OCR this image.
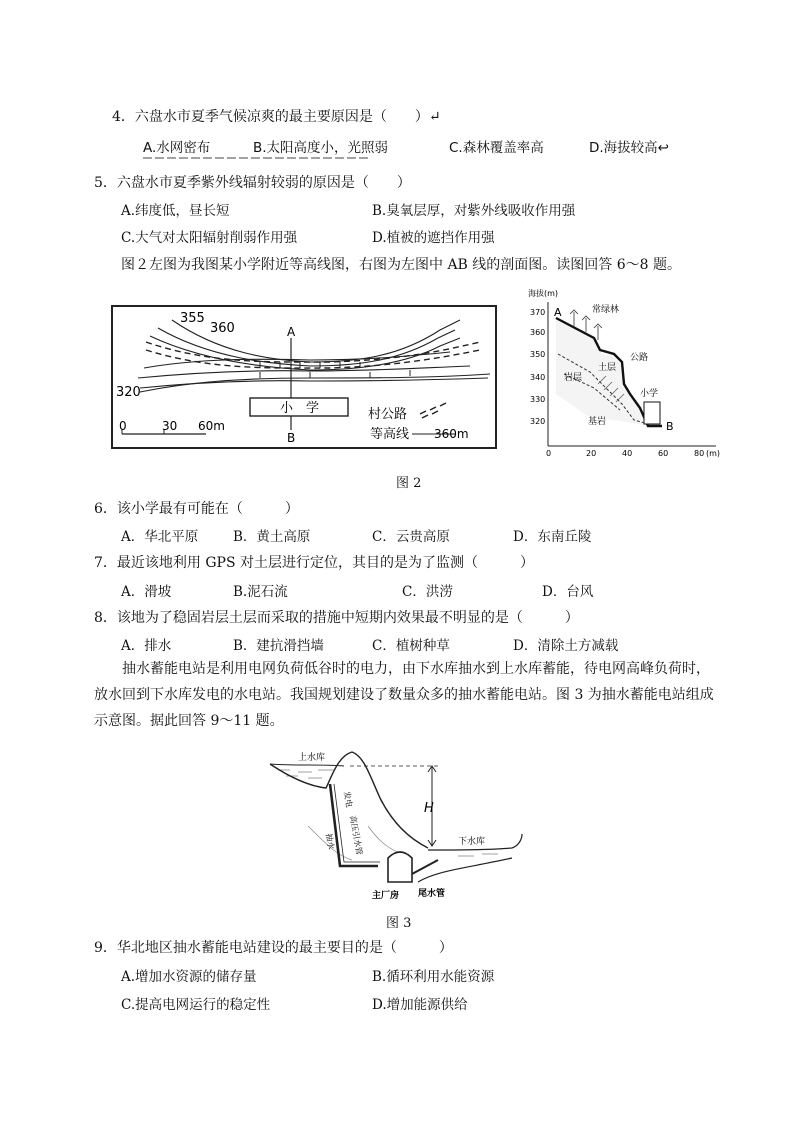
4．六盘水市夏季气候凉爽的最主要原因是（　　）↵
A.水网密布	B.太阳高度小，光照弱	C.森林覆盖率高	D.海拔较高↩
5．六盘水市夏季紫外线辐射较弱的原因是（　　）
A.纬度低，昼长短	B.臭氧层厚，对紫外线吸收作用强
C.大气对太阳辐射削弱作用强	D.植被的遮挡作用强
图２左图为我图某小学附近等高线图，右图为左图中 AB 线的剖面图。读图回答 6～8 题。
355
360
320
A
B
小　学
0	30 60m
村公路
等高线 360m
海拔(m)
370
360
350
340
330
320
0	20	40	60	80 (m)
常绿林
公路
土层
岩层
基岩
小学
A
B
图 2
6．该小学最有可能在（　　　）
A．华北平原	B．黄土高原	C．云贵高原	D．东南丘陵
7．最近该地利用 GPS 对土层进行定位，其目的是为了监测（　　　）
A．滑坡	B.泥石流	C．洪涝	D．台风
8．该地为了稳固岩层土层而采取的措施中短期内效果最不明显的是（　　　）
A．排水	B．建抗滑挡墙	C．植树种草	D．清除土方减载
　　抽水蓄能电站是利用电网负荷低谷时的电力，由下水库抽水到上水库蓄能，待电网高峰负荷时，放水回到下水库发电的水电站。我国规划建设了数量众多的抽水蓄能电站。图 3 为抽水蓄能电站组成示意图。据此回答 9～11 题。
上水库
下水库
H
发电
高压引水管
抽水
主厂房 尾水管
图 3
9．华北地区抽水蓄能电站建设的最主要目的是（　　　）
A.增加水资源的储存量	B.循环利用水能资源
C.提高电网运行的稳定性	D.增加能源供给
